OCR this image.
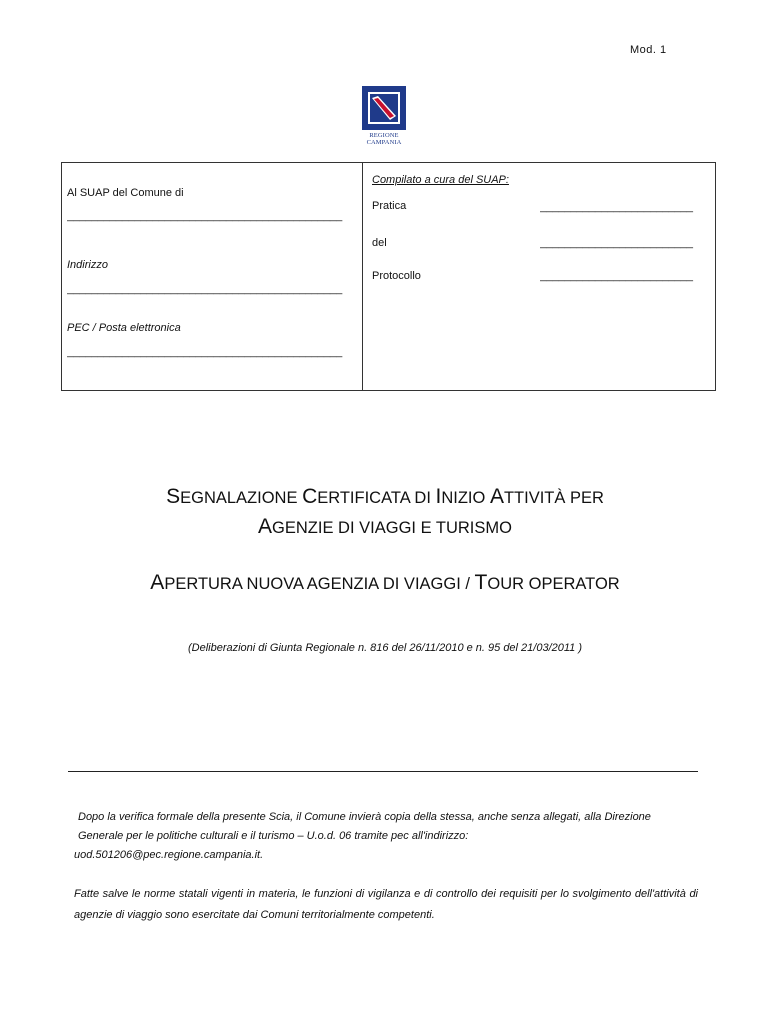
Mod. 1
REGIONE CAMPANIA
Al SUAP del Comune di
_____________________________________________
Indirizzo
_____________________________________________
PEC / Posta elettronica
_____________________________________________
Compilato a cura del SUAP:
Pratica	_________________________
del	_________________________
Protocollo	_________________________
SEGNALAZIONE CERTIFICATA DI INIZIO ATTIVITÀ PER
AGENZIE DI VIAGGI E TURISMO
APERTURA NUOVA AGENZIA DI VIAGGI / TOUR OPERATOR
(Deliberazioni di Giunta Regionale n. 816 del 26/11/2010 e n. 95 del 21/03/2011 )

Dopo la verifica formale della presente Scia, il Comune invierà copia della stessa, anche senza allegati, alla Direzione

Generale per le politiche culturali e il turismo – U.o.d. 06 tramite pec all'indirizzo:

uod.501206@pec.regione.campania.it.
Fatte salve le norme statali vigenti in materia, le funzioni di vigilanza e di controllo dei requisiti per lo svolgimento dell'attività di agenzie di viaggio sono esercitate dai Comuni territorialmente competenti.
